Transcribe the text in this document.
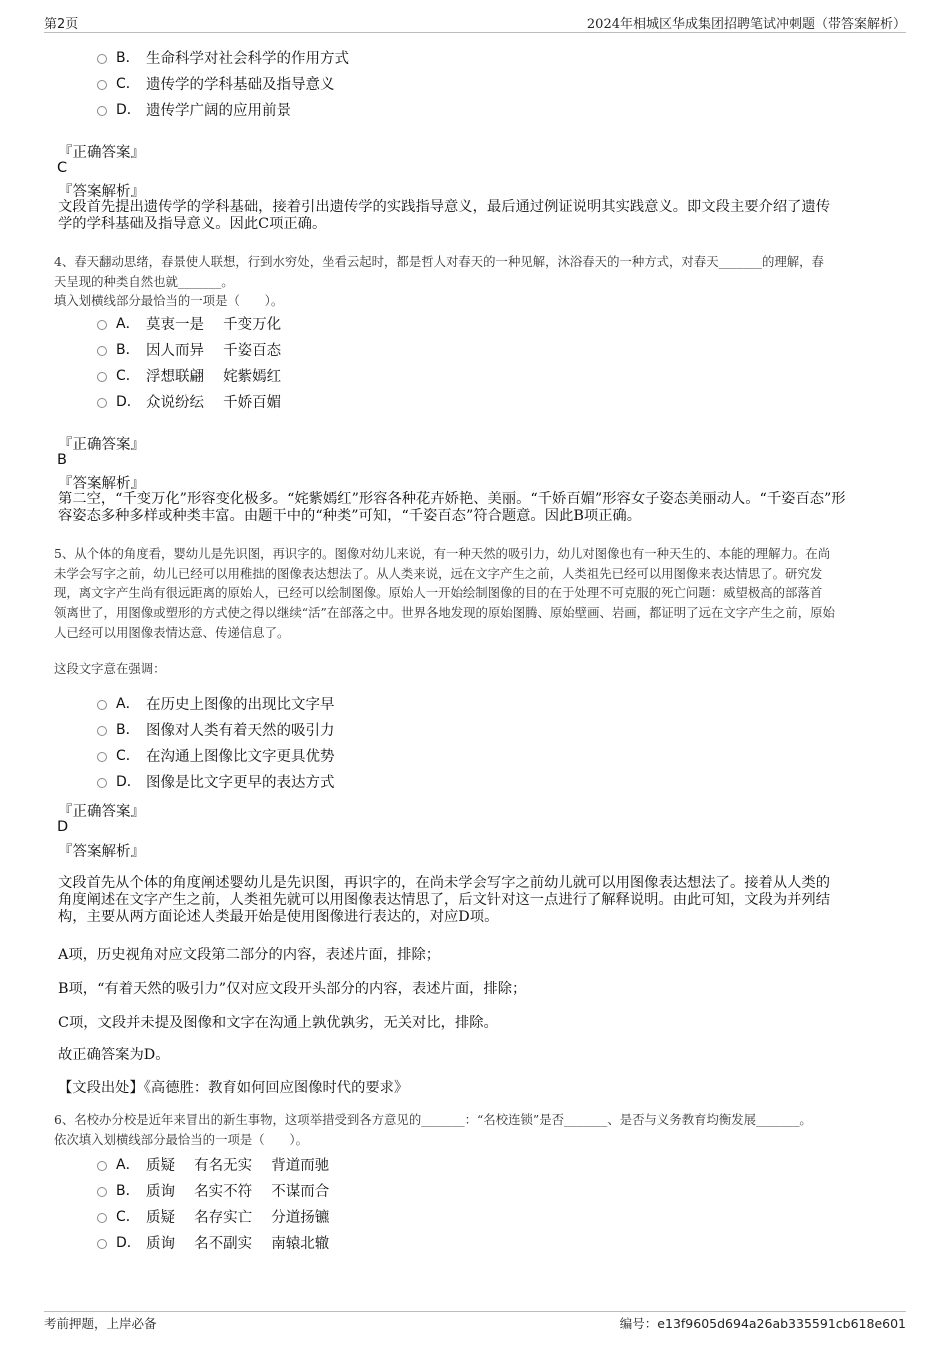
第2页	2024年相城区华成集团招聘笔试冲刺题（带答案解析）
B． 生命科学对社会科学的作用方式
C． 遗传学的学科基础及指导意义
D． 遗传学广阔的应用前景
『正确答案』
C
『答案解析』
文段首先提出遗传学的学科基础，接着引出遗传学的实践指导意义，最后通过例证说明其实践意义。即文段主要介绍了遗传
学的学科基础及指导意义。因此C项正确。
4、春天翻动思绪，春景使人联想，行到水穷处，坐看云起时，都是哲人对春天的一种见解，沐浴春天的一种方式，对春天_______的理解，春
天呈现的种类自然也就_______。
填入划横线部分最恰当的一项是（　　）。
A． 莫衷一是　 千变万化
B． 因人而异　 千姿百态
C． 浮想联翩　 姹紫嫣红
D． 众说纷纭　 千娇百媚
『正确答案』
B
『答案解析』
第二空，“千变万化”形容变化极多。“姹紫嫣红”形容各种花卉娇艳、美丽。“千娇百媚”形容女子姿态美丽动人。“千姿百态”形
容姿态多种多样或种类丰富。由题干中的“种类”可知，“千姿百态”符合题意。因此B项正确。
5、从个体的角度看，婴幼儿是先识图，再识字的。图像对幼儿来说，有一种天然的吸引力，幼儿对图像也有一种天生的、本能的理解力。在尚
未学会写字之前，幼儿已经可以用稚拙的图像表达想法了。从人类来说，远在文字产生之前，人类祖先已经可以用图像来表达情思了。研究发
现，离文字产生尚有很远距离的原始人，已经可以绘制图像。原始人一开始绘制图像的目的在于处理不可克服的死亡问题：威望极高的部落首
领离世了，用图像或塑形的方式使之得以继续“活”在部落之中。世界各地发现的原始图腾、原始壁画、岩画，都证明了远在文字产生之前，原始
人已经可以用图像表情达意、传递信息了。
这段文字意在强调：
A． 在历史上图像的出现比文字早
B． 图像对人类有着天然的吸引力
C． 在沟通上图像比文字更具优势
D． 图像是比文字更早的表达方式
『正确答案』
D
『答案解析』
文段首先从个体的角度阐述婴幼儿是先识图，再识字的，在尚未学会写字之前幼儿就可以用图像表达想法了。接着从人类的
角度阐述在文字产生之前，人类祖先就可以用图像表达情思了，后文针对这一点进行了解释说明。由此可知，文段为并列结
构，主要从两方面论述人类最开始是使用图像进行表达的，对应D项。
A项，历史视角对应文段第二部分的内容，表述片面，排除；
B项，“有着天然的吸引力”仅对应文段开头部分的内容，表述片面，排除；
C项，文段并未提及图像和文字在沟通上孰优孰劣，无关对比，排除。
故正确答案为D。
【文段出处】《高德胜：教育如何回应图像时代的要求》
6、名校办分校是近年来冒出的新生事物，这项举措受到各方意见的_______：“名校连锁”是否_______、是否与义务教育均衡发展_______。
依次填入划横线部分最恰当的一项是（　　）。
A． 质疑　 有名无实　 背道而驰
B． 质询　 名实不符　 不谋而合
C． 质疑　 名存实亡　 分道扬镳
D． 质询　 名不副实　 南辕北辙
考前押题，上岸必备	编号：e13f9605d694a26ab335591cb618e601
